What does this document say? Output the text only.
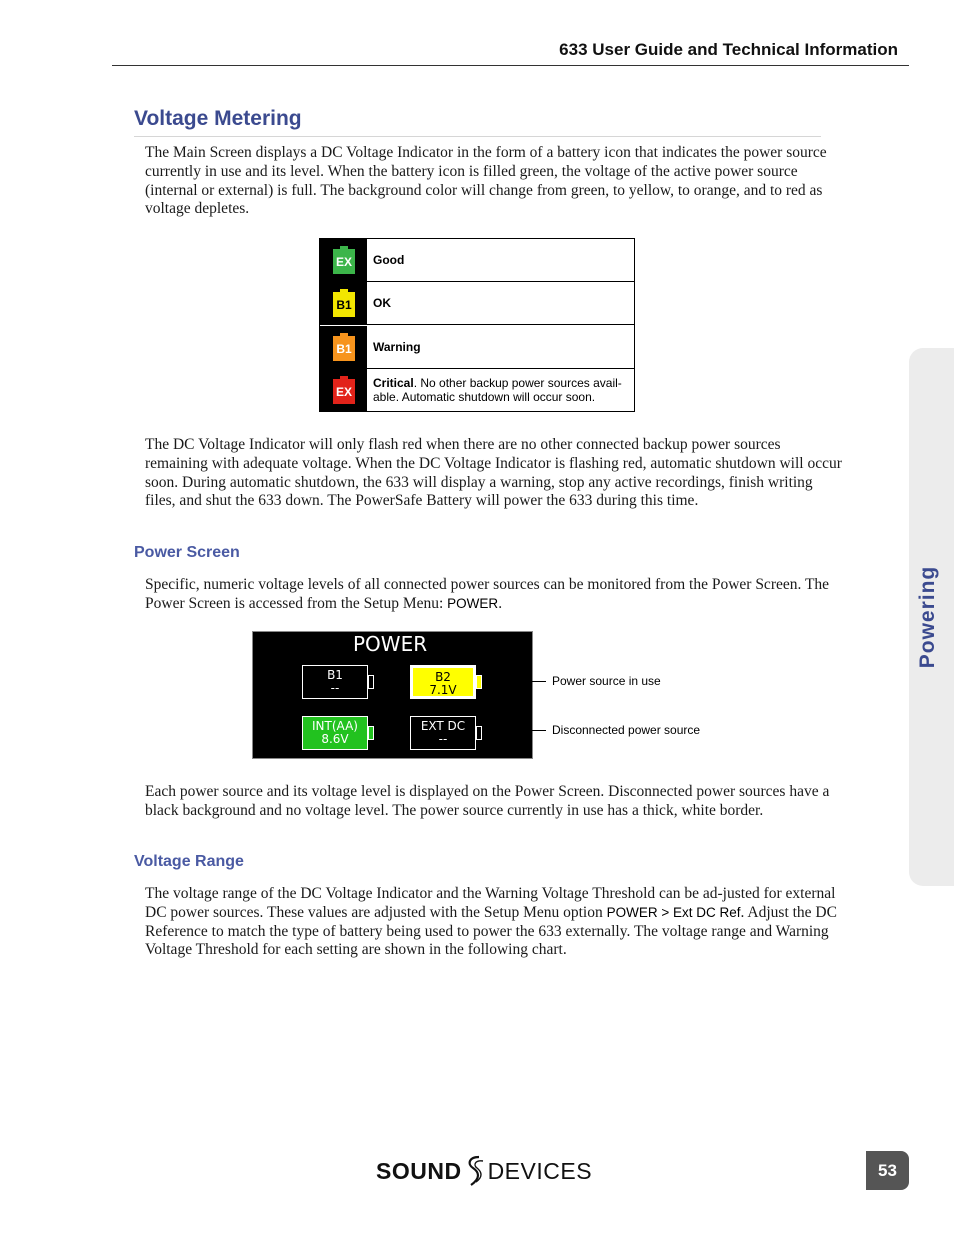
633 User Guide and Technical Information
Powering
Voltage Metering

The Main Screen displays a DC Voltage Indicator in the form of a battery icon that indicates the power source currently in use and its level. When the battery icon is filled green, the voltage of the active power source (internal or external) is full. The background color will change from green, to yellow, to orange, and to red as voltage depletes.

EX Good
B1 OK
B1 Warning
EX
Critical. No other backup power sources avail-able. Automatic shutdown will occur soon.

The DC Voltage Indicator will only flash red when there are no other connected backup power sources remaining with adequate voltage. When the DC Voltage Indicator is flashing red, automatic shutdown will occur soon. During automatic shutdown, the 633 will display a warning, stop any active recordings, finish writing files, and shut the 633 down. The PowerSafe Battery will power the 633 during this time.

Power Screen

Specific, numeric voltage levels of all connected power sources can be monitored from the Power Screen. The Power Screen is accessed from the Setup Menu: POWER.

POWER
B1
--
B2
7.1V
INT(AA)
8.6V
EXT DC
--
Power source in use
Disconnected power source

Each power source and its voltage level is displayed on the Power Screen. Disconnected power sources have a black background and no voltage level. The power source currently in use has a thick, white border.

Voltage Range

The voltage range of the DC Voltage Indicator and the Warning Voltage Threshold can be ad-justed for external DC power sources. These values are adjusted with the Setup Menu option POWER > Ext DC Ref. Adjust the DC Reference to match the type of battery being used to power the 633 externally. The voltage range and Warning Voltage Threshold for each setting are shown in the following chart.

SOUND DEVICES	53
